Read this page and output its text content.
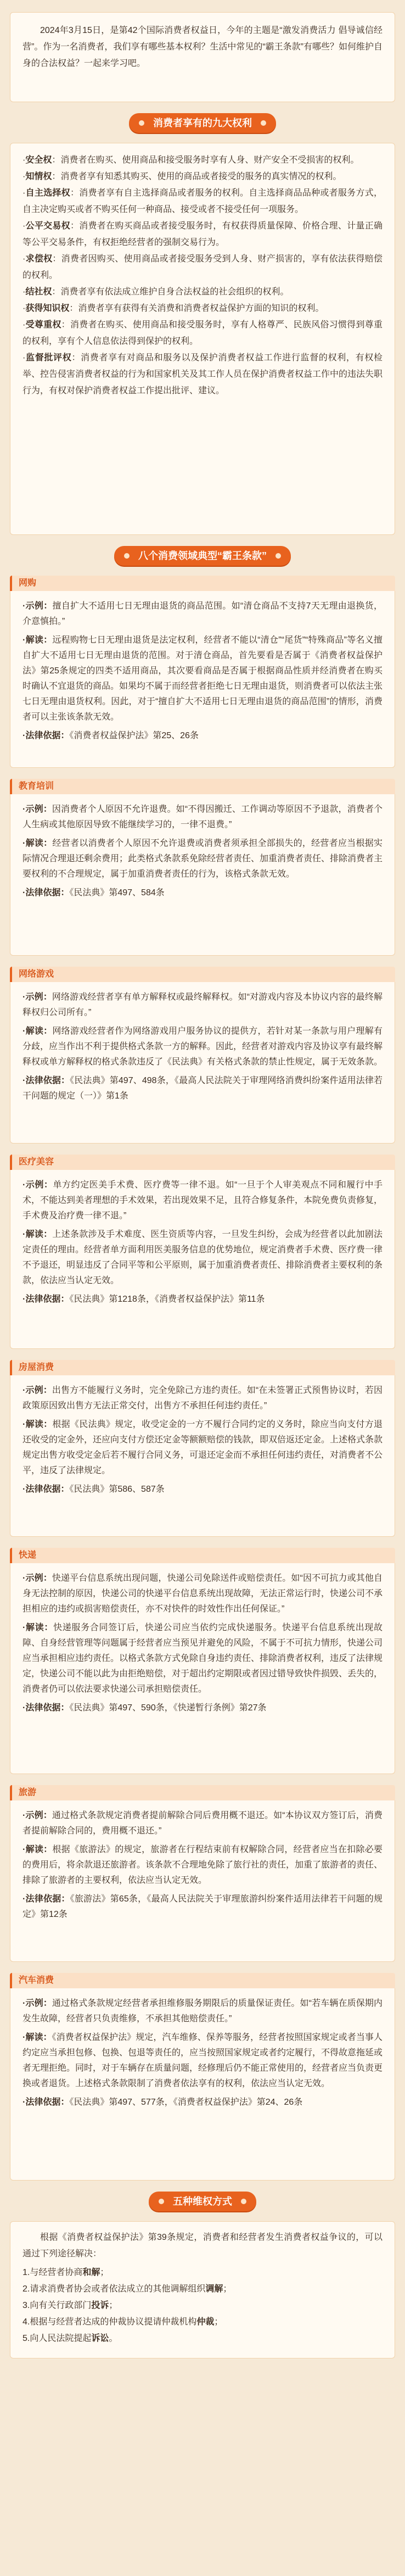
2024年3月15日，是第42个国际消费者权益日，今年的主题是“激发消费活力 倡导诚信经营”。作为一名消费者，我们享有哪些基本权利？生活中常见的“霸王条款”有哪些？如何维护自身的合法权益？一起来学习吧。

消费者享有的九大权利

·安全权：消费者在购买、使用商品和接受服务时享有人身、财产安全不受损害的权利。

·知情权：消费者享有知悉其购买、使用的商品或者接受的服务的真实情况的权利。

·自主选择权：消费者享有自主选择商品或者服务的权利。自主选择商品品种或者服务方式，自主决定购买或者不购买任何一种商品、接受或者不接受任何一项服务。

·公平交易权：消费者在购买商品或者接受服务时，有权获得质量保障、价格合理、计量正确等公平交易条件，有权拒绝经营者的强制交易行为。

·求偿权：消费者因购买、使用商品或者接受服务受到人身、财产损害的，享有依法获得赔偿的权利。

·结社权：消费者享有依法成立维护自身合法权益的社会组织的权利。

·获得知识权：消费者享有获得有关消费和消费者权益保护方面的知识的权利。

·受尊重权：消费者在购买、使用商品和接受服务时，享有人格尊严、民族风俗习惯得到尊重的权利，享有个人信息依法得到保护的权利。

·监督批评权：消费者享有对商品和服务以及保护消费者权益工作进行监督的权利，有权检举、控告侵害消费者权益的行为和国家机关及其工作人员在保护消费者权益工作中的违法失职行为，有权对保护消费者权益工作提出批评、建议。

八个消费领域典型“霸王条款”
网购

·示例：擅自扩大不适用七日无理由退货的商品范围。如“清仓商品不支持7天无理由退换货，介意慎拍。”

·解读：远程购物七日无理由退货是法定权利，经营者不能以“清仓”“尾货”“特殊商品”等名义擅自扩大不适用七日无理由退货的范围。对于清仓商品，首先要看是否属于《消费者权益保护法》第25条规定的四类不适用商品，其次要看商品是否属于根据商品性质并经消费者在购买时确认不宜退货的商品。如果均不属于而经营者拒绝七日无理由退货，则消费者可以依法主张七日无理由退货权利。因此，对于“擅自扩大不适用七日无理由退货的商品范围”的情形，消费者可以主张该条款无效。

·法律依据：《消费者权益保护法》第25、26条

教育培训

·示例：因消费者个人原因不允许退费。如“不得因搬迁、工作调动等原因不予退款，消费者个人生病或其他原因导致不能继续学习的，一律不退费。”

·解读：经营者以消费者个人原因不允许退费或消费者须承担全部损失的，经营者应当根据实际情况合理退还剩余费用；此类格式条款系免除经营者责任、加重消费者责任、排除消费者主要权利的不合理规定，属于加重消费者责任的行为，该格式条款无效。

·法律依据：《民法典》第497、584条

网络游戏

·示例：网络游戏经营者享有单方解释权或最终解释权。如“对游戏内容及本协议内容的最终解释权归公司所有。”

·解读：网络游戏经营者作为网络游戏用户服务协议的提供方，若针对某一条款与用户理解有分歧，应当作出不利于提供格式条款一方的解释。因此，经营者对游戏内容及协议享有最终解释权或单方解释权的格式条款违反了《民法典》有关格式条款的禁止性规定，属于无效条款。

·法律依据：《民法典》第497、498条，《最高人民法院关于审理网络消费纠纷案件适用法律若干问题的规定（一）》第1条

医疗美容

·示例：单方约定医美手术费、医疗费等一律不退。如“一旦于个人审美观点不同和履行中手术，不能达到美者理想的手术效果，若出现效果不足，且符合修复条件，本院免费负责修复，手术费及治疗费一律不退。”

·解读：上述条款涉及手术难度、医生资质等内容，一旦发生纠纷，会成为经营者以此加剧法定责任的理由。经营者单方面利用医美服务信息的优势地位，规定消费者手术费、医疗费一律不予退还，明显违反了合同平等和公平原则，属于加重消费者责任、排除消费者主要权利的条款，依法应当认定无效。

·法律依据：《民法典》第1218条，《消费者权益保护法》第11条

房屋消费

·示例：出售方不能履行义务时，完全免除己方违约责任。如“在未签署正式预售协议时，若因政策原因致出售方无法正常交付，出售方不承担任何违约责任。”

·解读：根据《民法典》规定，收受定金的一方不履行合同约定的义务时，除应当向支付方退还收受的定金外，还应向支付方偿还定金等额额赔偿的钱款，即双倍返还定金。上述格式条款规定出售方收受定金后若不履行合同义务，可退还定金而不承担任何违约责任，对消费者不公平，违反了法律规定。

·法律依据：《民法典》第586、587条

快递

·示例：快递平台信息系统出现问题，快递公司免除送件或赔偿责任。如“因不可抗力或其他自身无法控制的原因，快递公司的快递平台信息系统出现故障，无法正常运行时，快递公司不承担相应的违约或损害赔偿责任，亦不对快件的时效性作出任何保证。”

·解读：快递服务合同签订后，快递公司应当依约完成快递服务。快递平台信息系统出现故障、自身经营管理等问题属于经营者应当预见并避免的风险，不属于不可抗力情形，快递公司应当承担相应违约责任。以格式条款方式免除自身违约责任、排除消费者权利，违反了法律规定，快递公司不能以此为由拒绝赔偿，对于超出约定期限或者因过错导致快件损毁、丢失的，消费者仍可以依法要求快递公司承担赔偿责任。

·法律依据：《民法典》第497、590条，《快递暂行条例》第27条

旅游

·示例：通过格式条款规定消费者提前解除合同后费用概不退还。如“本协议双方签订后，消费者提前解除合同的，费用概不退还。”

·解读：根据《旅游法》的规定，旅游者在行程结束前有权解除合同，经营者应当在扣除必要的费用后，将余款退还旅游者。该条款不合理地免除了旅行社的责任，加重了旅游者的责任、排除了旅游者的主要权利，依法应当认定无效。

·法律依据：《旅游法》第65条，《最高人民法院关于审理旅游纠纷案件适用法律若干问题的规定》第12条

汽车消费

·示例：通过格式条款规定经营者承担维修服务期限后的质量保证责任。如“若车辆在质保期内发生故障，经营者只负责维修，不承担其他赔偿责任。”

·解读：《消费者权益保护法》规定，汽车维修、保养等服务，经营者按照国家规定或者当事人约定应当承担包修、包换、包退等责任的，应当按照国家规定或者约定履行，不得故意拖延或者无理拒绝。同时，对于车辆存在质量问题，经修理后仍不能正常使用的，经营者应当负责更换或者退货。上述格式条款限制了消费者依法享有的权利，依法应当认定无效。

·法律依据：《民法典》第497、577条，《消费者权益保护法》第24、26条

五种维权方式

根据《消费者权益保护法》第39条规定，消费者和经营者发生消费者权益争议的，可以通过下列途径解决：

1.与经营者协商和解；

2.请求消费者协会或者依法成立的其他调解组织调解；

3.向有关行政部门投诉；

4.根据与经营者达成的仲裁协议提请仲裁机构仲裁；

5.向人民法院提起诉讼。
